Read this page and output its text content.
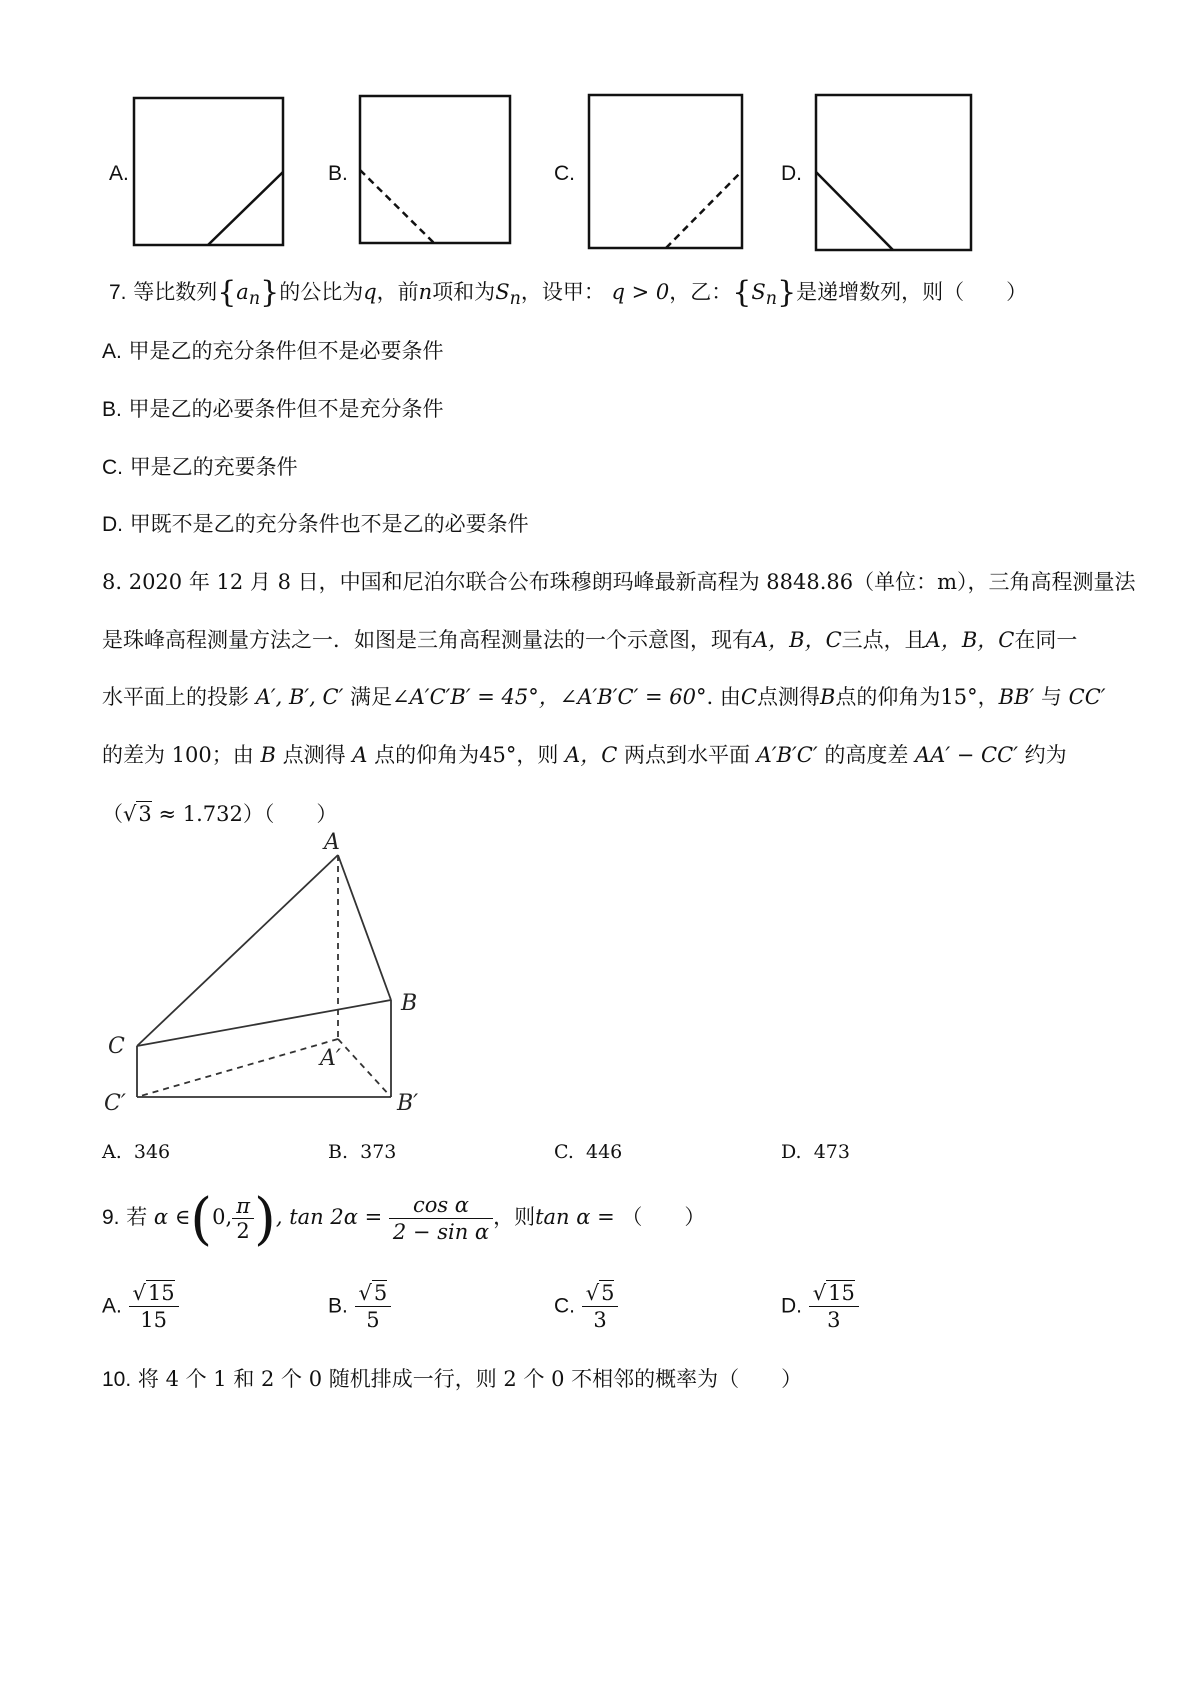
A.	B.	C.	D.
7. 等比数列$\{a_n\}$的公比为q，前n项和为$S_n$，设甲： q > 0，乙：$\{S_n\}$是递增数列，则（　　）
A. 甲是乙的充分条件但不是必要条件
B. 甲是乙的必要条件但不是充分条件
C. 甲是乙的充要条件
D. 甲既不是乙的充分条件也不是乙的必要条件
8. 2020 年 12 月 8 日，中国和尼泊尔联合公布珠穆朗玛峰最新高程为 8848.86（单位：m），三角高程测量法
是珠峰高程测量方法之一．如图是三角高程测量法的一个示意图，现有A，B，C三点，且A，B，C在同一
水平面上的投影 A′, B′, C′ 满足∠A′C′B′ = 45°，∠A′B′C′ = 60°. 由C点测得B点的仰角为15°，BB′ 与 CC′
的差为 100；由 B 点测得 A 点的仰角为45°，则 A，C 两点到水平面 A′B′C′ 的高度差 AA′ − CC′ 约为
（√3 ≈ 1.732）（　　）
A
B
C	A′
B′
C′
A. 346	B. 373	C. 446	D. 473
9. 若 α ∈(0, $\frac{\pi}{2}$ ), $\tan 2\alpha = \frac{\text{cos α}}{\text{2 − sin α}}$ ，则tan α = （　　）
A. $\frac{√15}{15}$	B. $\frac{√5}{5}$	C. $\frac{√5}{3}$	D. $\frac{√15}{3}$
10. 将 4 个 1 和 2 个 0 随机排成一行，则 2 个 0 不相邻的概率为（　　）
